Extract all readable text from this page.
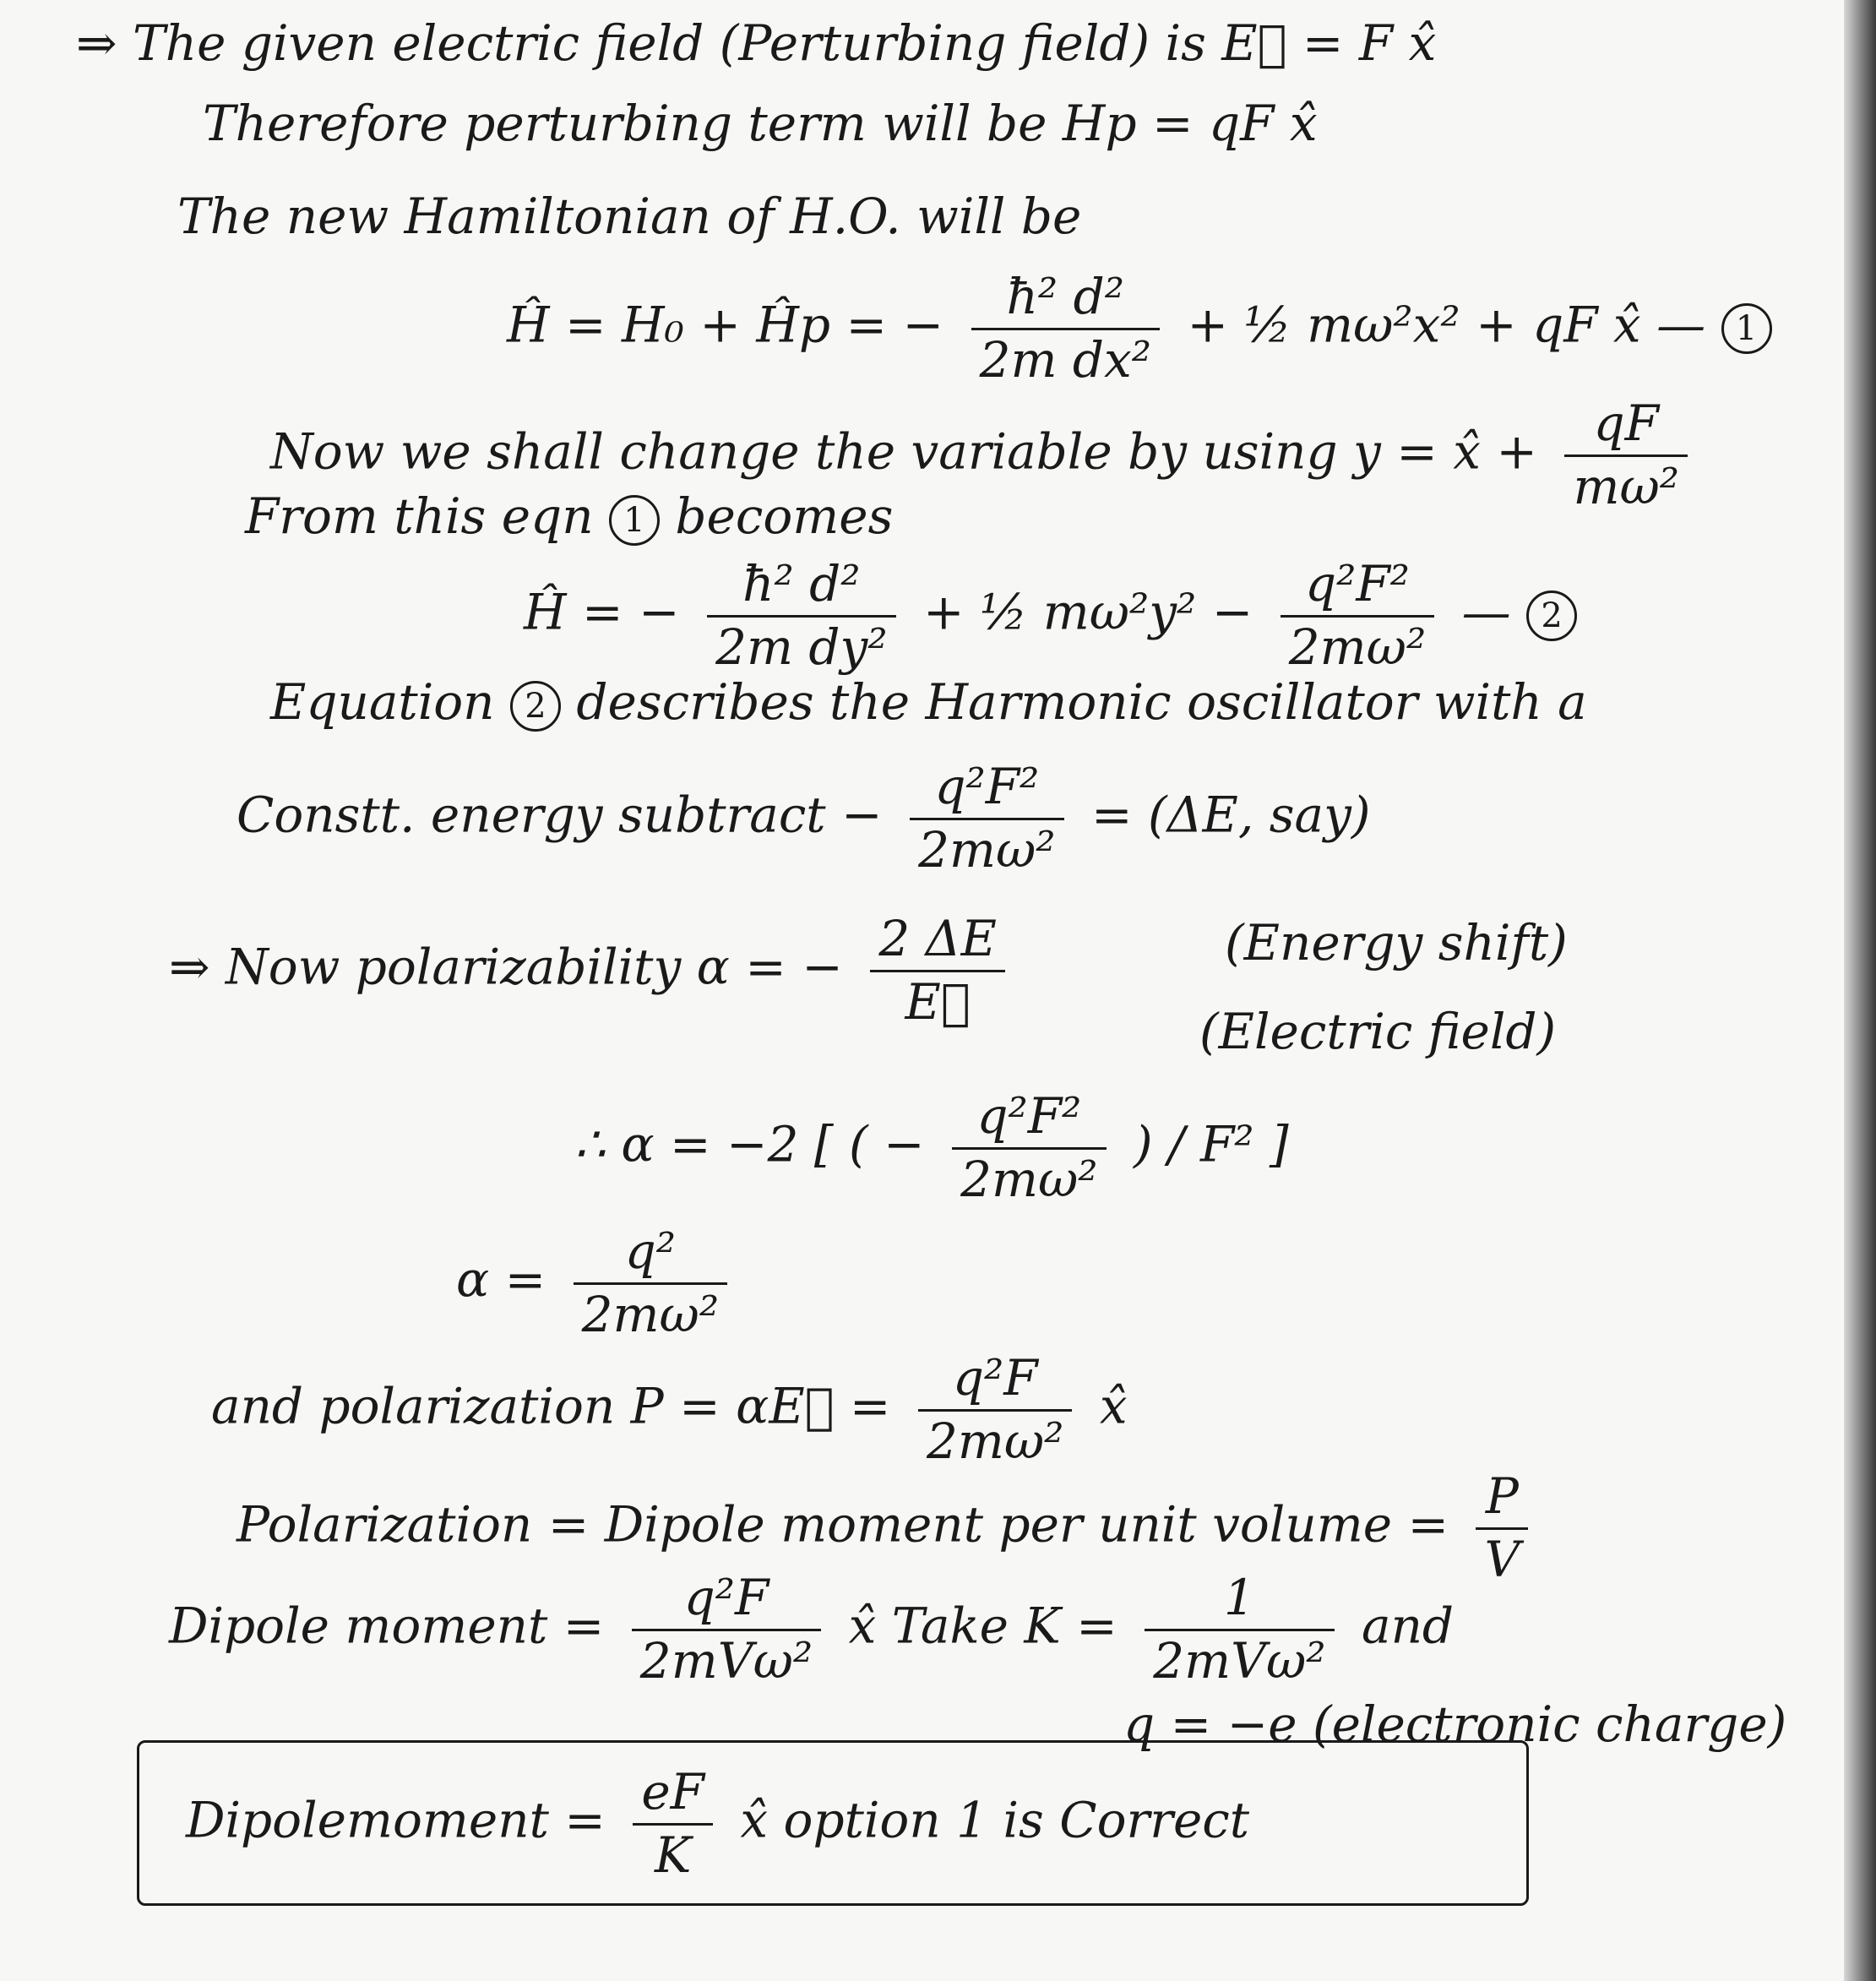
⇒ The given electric field (Perturbing field) is E⃗ = F x̂
Therefore perturbing term will be Hp = qF x̂
The new Hamiltonian of H.O. will be
Ĥ = H₀ + Ĥp = − $\frac{\text{ħ² d²}}{\text{2m dx²}}$ + ½ mω²x² + qF x̂ — 1
Now we shall change the variable by using y = x̂ + $\frac{qF}{\text{mω²}}$
From this eqn 1 becomes
Ĥ = − $\frac{\text{ħ² d²}}{\text{2m dy²}}$ + ½ $m\omega^2y^2 - \frac{\text{q²F²}}{\text{2mω²}}$ — 2
Equation 2 describes the Harmonic oscillator with a
Constt. energy subtract − $\frac{\text{q²F²}}{\text{2mω²}} = (\Delta E$, say)
⇒ Now polarizability α = − $\frac{2 \Delta E}{E⃗}$	(Energy shift)
(Electric field)
∴ α = −2 [ ( − $\frac{\text{q²F²}}{\text{2mω²}}$ ) / F² ]
$\alpha = \frac{\text{q²}}{\text{2mω²}}$
and polarization P = αE⃗ = $\frac{\text{q²F}}{\text{2mω²}}$ x̂
Polarization = Dipole moment per unit volume = $\frac{P}{V}$
Dipole moment = $\frac{\text{q²F}}{\text{2mVω²}}$ x̂ Take $K = \frac{1}{\text{2mVω²}}$ and
q = −e (electronic charge)
Dipolemoment = $\frac{eF}{K}$ x̂ option 1 is Correct
